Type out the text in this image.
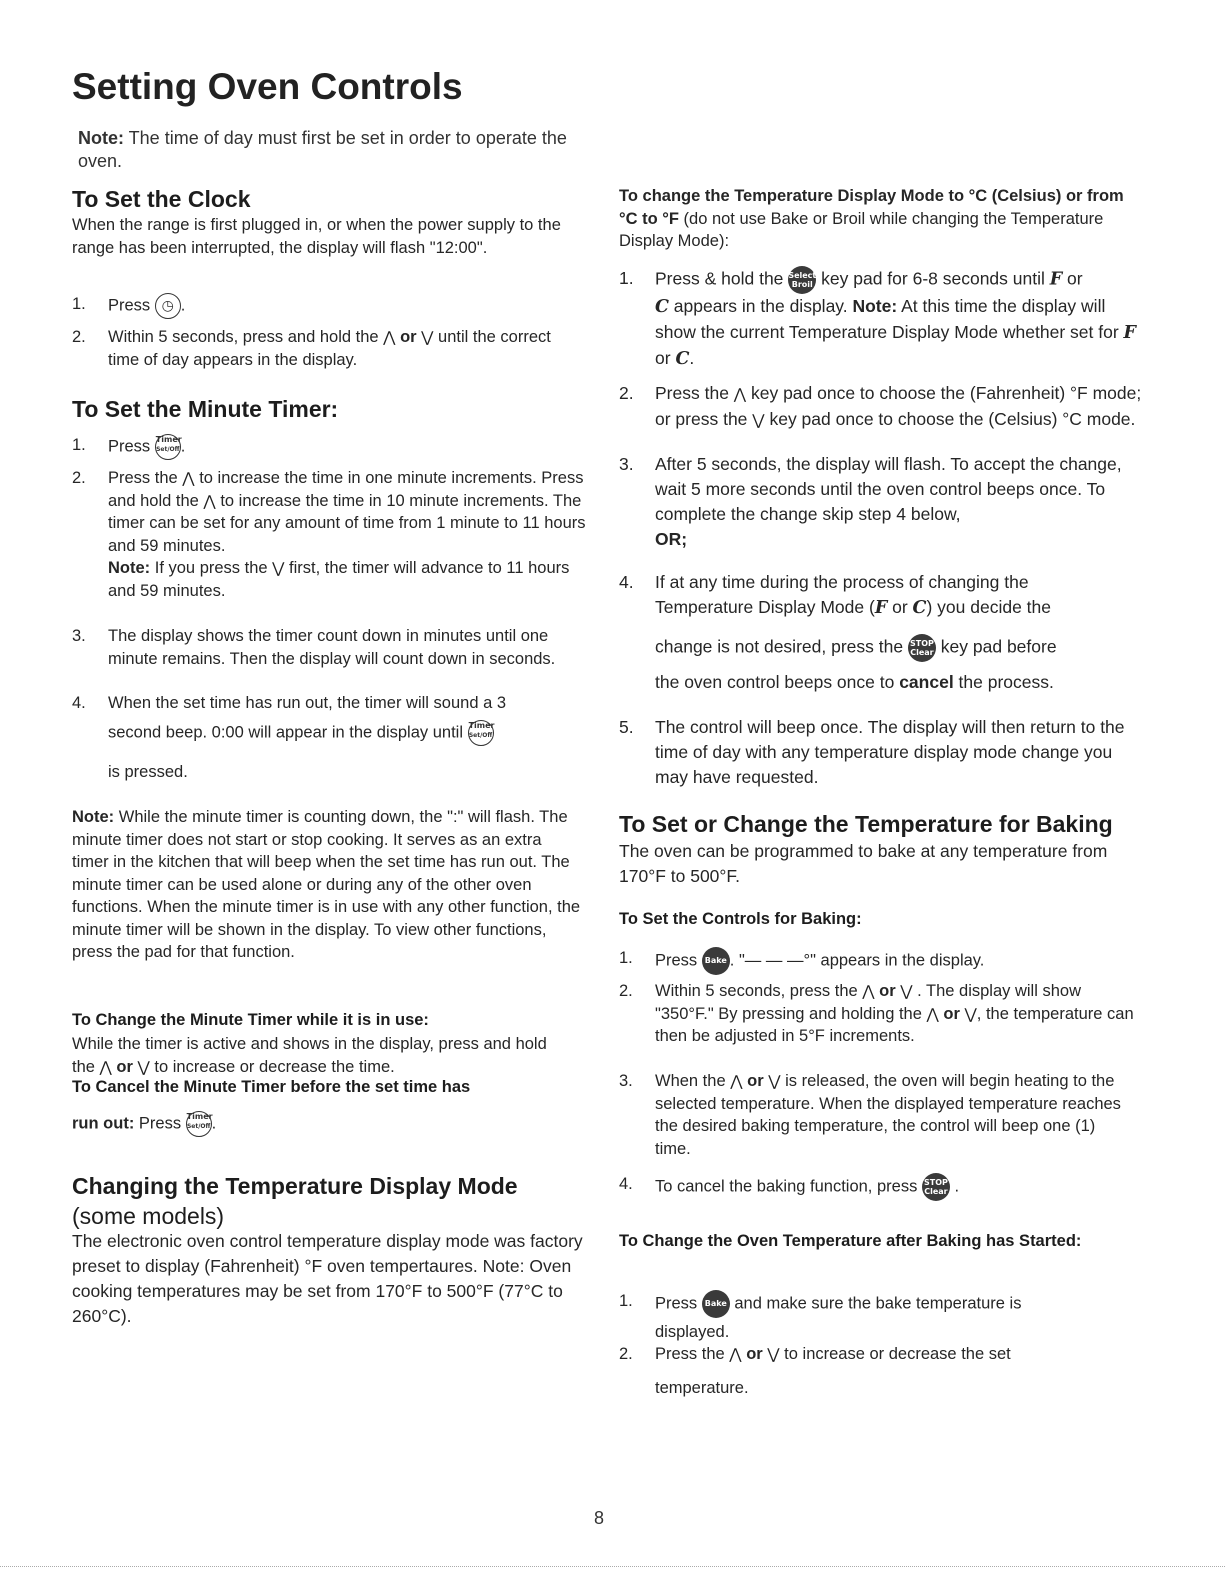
Setting Oven Controls
Note: The time of day must first be set in order to operate the oven.
To Set the Clock
When the range is first plugged in, or when the power supply to the range has been interrupted, the display will flash "12:00".
1. Press ◷ .
2. Within 5 seconds, press and hold the ⋀ or ⋁ until the correct time of day appears in the display.
To Set the Minute Timer:
1. Press Timer
Set/Off.
2. Press the ⋀ to increase the time in one minute increments. Press and hold the ⋀ to increase the time in 10 minute increments. The timer can be set for any amount of time from 1 minute to 11 hours and 59 minutes.
Note: If you press the ⋁ first, the timer will advance to 11 hours and 59 minutes.
3. The display shows the timer count down in minutes until one minute remains. Then the display will count down in seconds.
4. When the set time has run out, the timer will sound a 3
second beep. 0:00 will appear in the display until Timer
Set/Off
is pressed.
Note: While the minute timer is counting down, the ":" will flash. The minute timer does not start or stop cooking. It serves as an extra timer in the kitchen that will beep when the set time has run out. The minute timer can be used alone or during any of the other oven functions. When the minute timer is in use with any other function, the minute timer will be shown in the display. To view other functions, press the pad for that function.
To Change the Minute Timer while it is in use:
While the timer is active and shows in the display, press and hold the ⋀ or ⋁ to increase or decrease the time.
To Cancel the Minute Timer before the set time has
run out: Press Timer
Set/Off.
Changing the Temperature Display Mode
(some models)
The electronic oven control temperature display mode was factory preset to display (Fahrenheit) °F oven tempertaures. Note: Oven cooking temperatures may be set from 170°F to 500°F (77°C to 260°C).
To change the Temperature Display Mode to °C (Celsius) or from °C to °F (do not use Bake or Broil while changing the Temperature Display Mode):
1. Press & hold the Select
Broil key pad for 6-8 seconds until F or
C appears in the display. Note: At this time the display will show the current Temperature Display Mode whether set for F or C.
2. Press the ⋀ key pad once to choose the (Fahrenheit) °F mode; or press the ⋁ key pad once to choose the (Celsius) °C mode.
3. After 5 seconds, the display will flash. To accept the change, wait 5 more seconds until the oven control beeps once. To complete the change skip step 4 below,
OR;
4. If at any time during the process of changing the Temperature Display Mode (F or C) you decide the
change is not desired, press the STOP
Clear key pad before
the oven control beeps once to cancel the process.
5. The control will beep once. The display will then return to the time of day with any temperature display mode change you may have requested.
To Set or Change the Temperature for Baking
The oven can be programmed to bake at any temperature from 170°F to 500°F.
To Set the Controls for Baking:
1. Press Bake . "— — —°" appears in the display.
2. Within 5 seconds, press the ⋀ or ⋁ . The display will show "350°F." By pressing and holding the ⋀ or ⋁, the temperature can then be adjusted in 5°F increments.
3. When the ⋀ or ⋁ is released, the oven will begin heating to the selected temperature. When the displayed temperature reaches the desired baking temperature, the control will beep one (1) time.
4. To cancel the baking function, press STOP
Clear .
To Change the Oven Temperature after Baking has Started:
1. Press Bake and make sure the bake temperature is
displayed.
2. Press the ⋀ or ⋁ to increase or decrease the set
temperature.
8
